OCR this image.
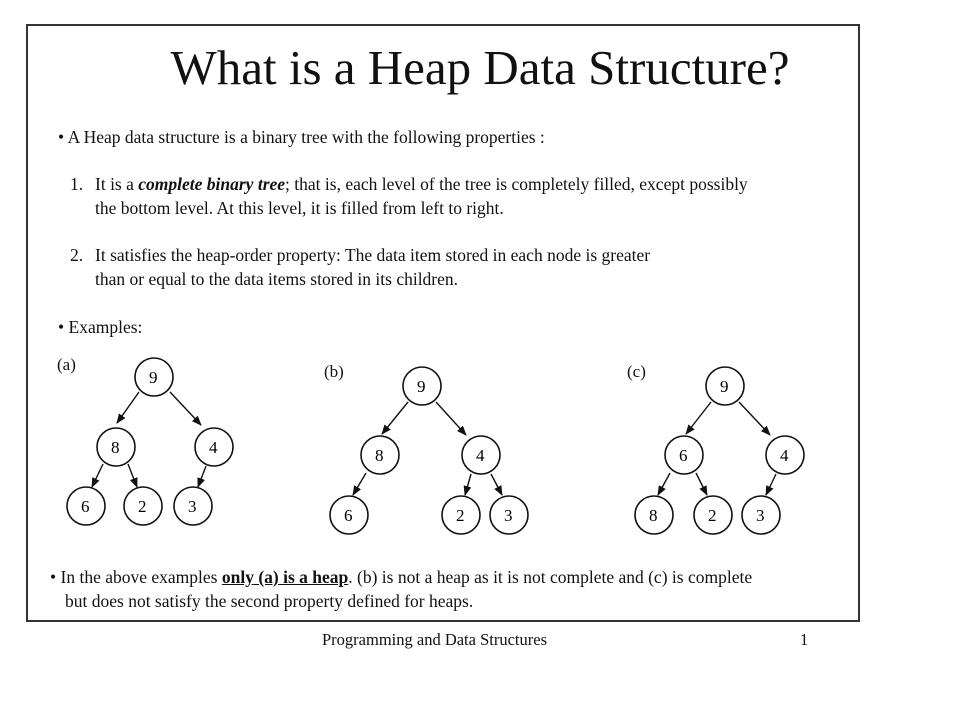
What is a Heap Data Structure?
• A Heap data structure is a binary tree with the following properties :
1. It is a complete binary tree; that is, each level of the tree is completely filled, except possibly
the bottom level. At this level, it is filled from left to right.
2. It satisfies the heap-order property: The data item stored in each node is greater
than or equal to the data items stored in its children.
• Examples:
(a)	(b)	(c)
9
8	4
6	2 3
9
8	4
6	2 3
9
6	4
8	2 3
• In the above examples only (a) is a heap. (b) is not a heap as it is not complete and (c) is complete
but does not satisfy the second property defined for heaps.
Programming and Data Structures	1
